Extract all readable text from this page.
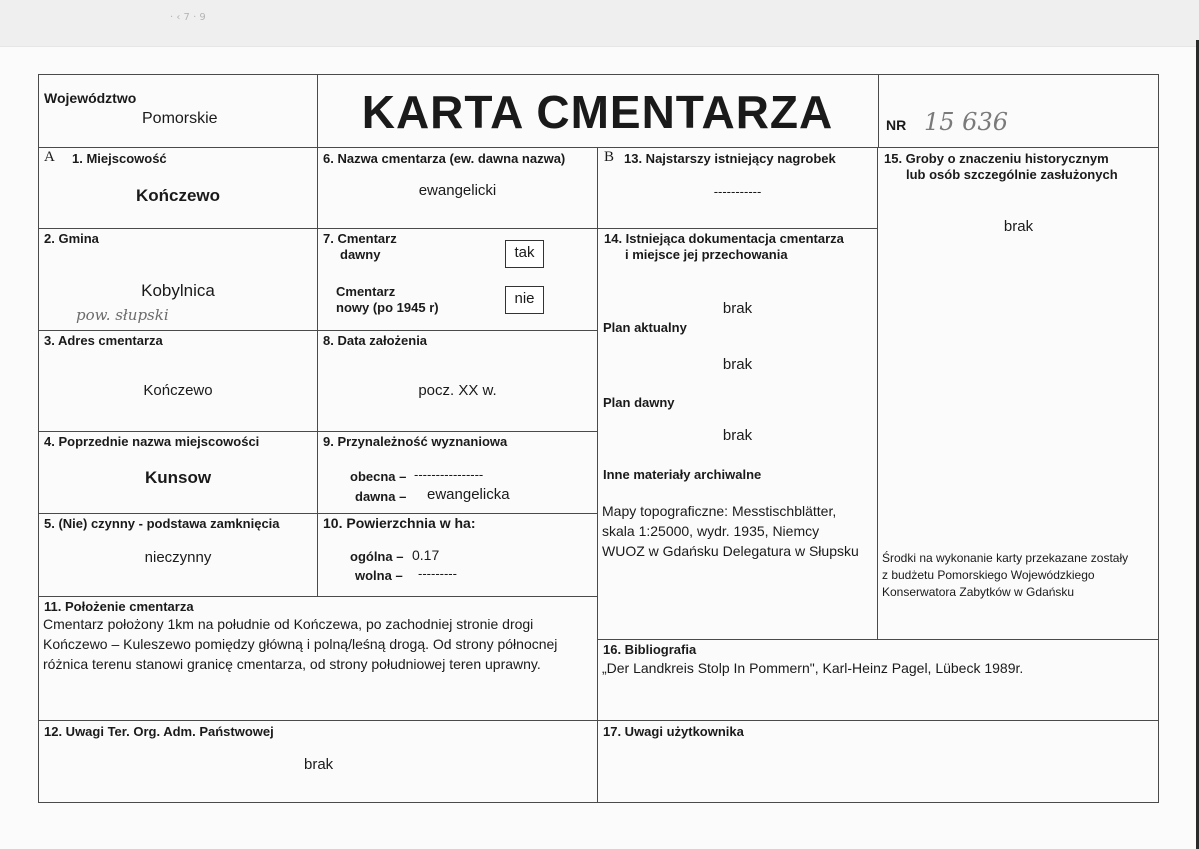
· ‹ 7 · 9
Województwo
Pomorskie	KARTA CMENTARZA	NR 15 636
A 1. Miejscowość
Kończewo
2. Gmina
Kobylnica
pow. słupski
3. Adres cmentarza
Kończewo
4. Poprzednie nazwa miejscowości
Kunsow
5. (Nie) czynny - podstawa zamknięcia
nieczynny
6. Nazwa cmentarza (ew. dawna nazwa)
ewangelicki
7. Cmentarz
dawny	tak
Cmentarz
nowy (po 1945 r)
nie
8. Data założenia
pocz. XX w.
9. Przynależność wyznaniowa
obecna – ----------------
dawna – ewangelicka
10. Powierzchnia w ha:
ogólna – 0.17
wolna – ---------
11. Położenie cmentarza
Cmentarz położony 1km na południe od Kończewa, po zachodniej stronie drogi
Kończewo – Kuleszewo pomiędzy główną i polną/leśną drogą. Od strony północnej
różnica terenu stanowi granicę cmentarza, od strony południowej teren uprawny.
12. Uwagi Ter. Org. Adm. Państwowej
brak
B 13. Najstarszy istniejący nagrobek
-----------
14. Istniejąca dokumentacja cmentarza
i miejsce jej przechowania
brak
Plan aktualny
brak
Plan dawny
brak
Inne materiały archiwalne
Mapy topograficzne: Messtischblätter,
skala 1:25000, wydr. 1935, Niemcy
WUOZ w Gdańsku Delegatura w Słupsku
15. Groby o znaczeniu historycznym
lub osób szczególnie zasłużonych
brak
Środki na wykonanie karty przekazane zostały
z budżetu Pomorskiego Wojewódzkiego
Konserwatora Zabytków w Gdańsku
16. Bibliografia
„Der Landkreis Stolp In Pommern", Karl-Heinz Pagel, Lübeck 1989r.
17. Uwagi użytkownika
